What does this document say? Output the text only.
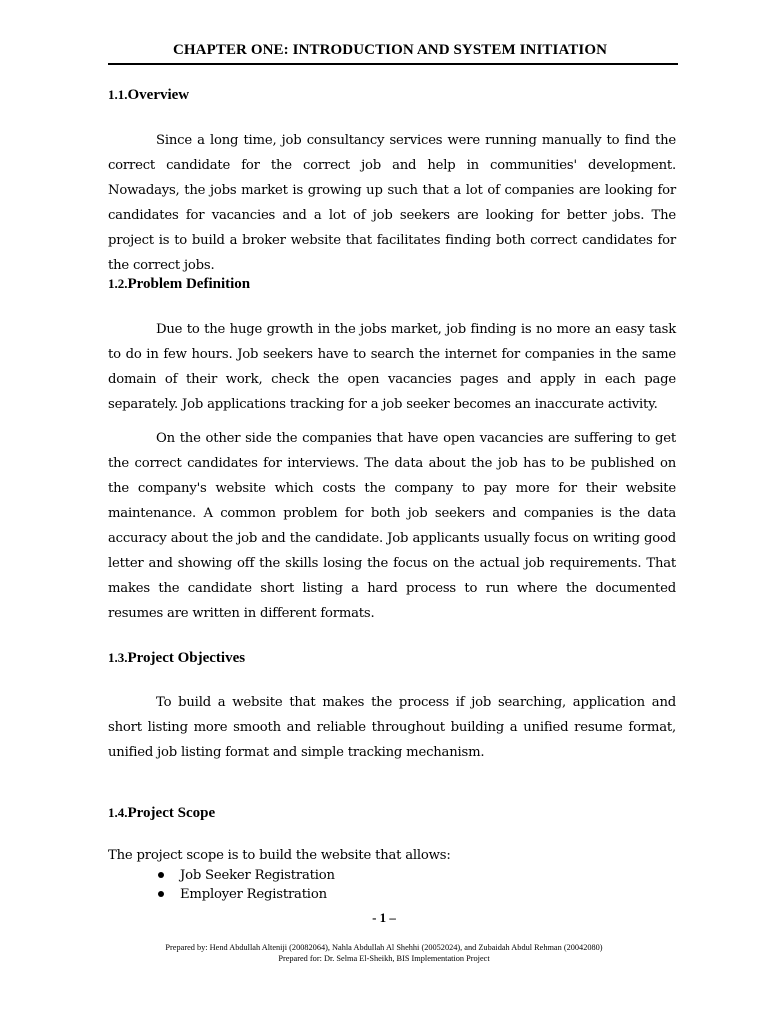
CHAPTER ONE: INTRODUCTION AND SYSTEM INITIATION
1.1.Overview
Since a long time, job consultancy services were running manually to find the correct candidate for the correct job and help in communities' development. Nowadays, the jobs market is growing up such that a lot of companies are looking for candidates for vacancies and a lot of job seekers are looking for better jobs. The project is to build a broker website that facilitates finding both correct candidates for the correct jobs.
1.2.Problem Definition
Due to the huge growth in the jobs market, job finding is no more an easy task to do in few hours. Job seekers have to search the internet for companies in the same domain of their work, check the open vacancies pages and apply in each page separately. Job applications tracking for a job seeker becomes an inaccurate activity.
On the other side the companies that have open vacancies are suffering to get the correct candidates for interviews. The data about the job has to be published on the company's website which costs the company to pay more for their website maintenance. A common problem for both job seekers and companies is the data accuracy about the job and the candidate. Job applicants usually focus on writing good letter and showing off the skills losing the focus on the actual job requirements. That makes the candidate short listing a hard process to run where the documented resumes are written in different formats.
1.3.Project Objectives
To build a website that makes the process if job searching, application and short listing more smooth and reliable throughout building a unified resume format, unified job listing format and simple tracking mechanism.
1.4.Project Scope
The project scope is to build the website that allows:
Job Seeker Registration
Employer Registration
- 1 –
Prepared by: Hend Abdullah Alteniji (20082064), Nahla Abdullah Al Shehhi (20052024), and Zubaidah Abdul Rehman (20042080)
Prepared for: Dr. Selma El-Sheikh, BIS Implementation Project
